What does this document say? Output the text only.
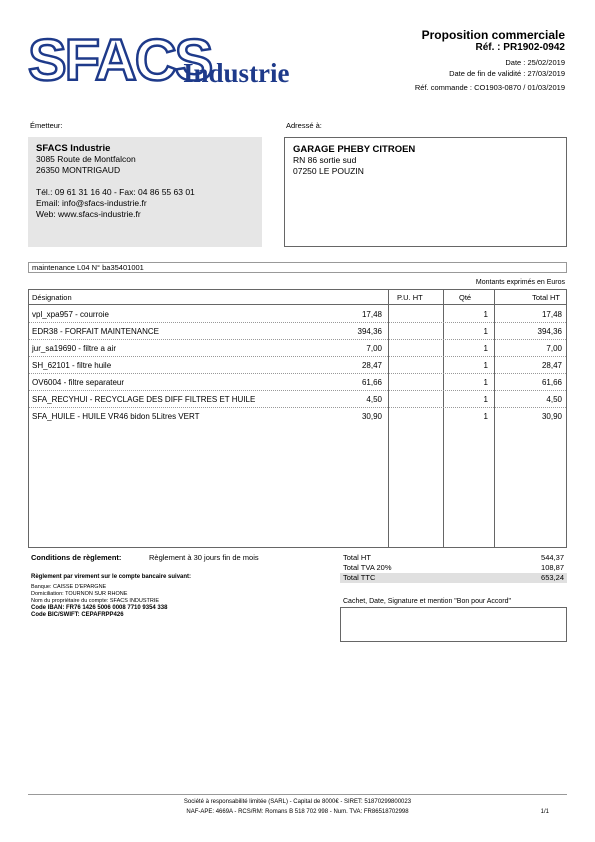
SFACS
Industrie
Proposition commerciale
Réf. : PR1902-0942
Date : 25/02/2019
Date de fin de validité : 27/03/2019
Réf. commande : CO1903-0870 / 01/03/2019
Émetteur:	Adressé à:
SFACS Industrie
3085 Route de Montfalcon
26350 MONTRIGAUD
Tél.: 09 61 31 16 40 - Fax: 04 86 55 63 01
Email: info@sfacs-industrie.fr
Web: www.sfacs-industrie.fr
GARAGE PHEBY CITROEN
RN 86 sortie sud
07250 LE POUZIN
maintenance L04 N° ba35401001
Montants exprimés en Euros
Désignation	P.U. HT	Qté	Total HT
vpl_xpa957 - courroie	17,48	1	17,48
EDR38 - FORFAIT MAINTENANCE	394,36	1	394,36
jur_sa19690 - filtre a air	7,00	1	7,00
SH_62101 - filtre huile	28,47	1	28,47
OV6004 - filtre separateur	61,66	1	61,66
SFA_RECYHUI - RECYCLAGE DES DIFF FILTRES ET HUILE	4,50	1	4,50
SFA_HUILE - HUILE VR46 bidon 5Litres VERT	30,90	1	30,90
Conditions de règlement:	Règlement à 30 jours fin de mois
Règlement par virement sur le compte bancaire suivant:
Banque: CAISSE D'EPARGNE
Domiciliation: TOURNON SUR RHONE
Nom du propriétaire du compte: SFACS INDUSTRIE
Code IBAN: FR76 1426 5006 0008 7710 9354 338
Code BIC/SWIFT: CEPAFRPP426
Total HT	544,37
Total TVA 20%	108,87
Total TTC	653,24
Cachet, Date, Signature et mention "Bon pour Accord"
Société à responsabilité limitée (SARL) - Capital de 8000€ - SIRET: 51870299800023
NAF-APE: 4669A - RCS/RM: Romans B 518 702 998 - Num. TVA: FR86518702998	1/1
